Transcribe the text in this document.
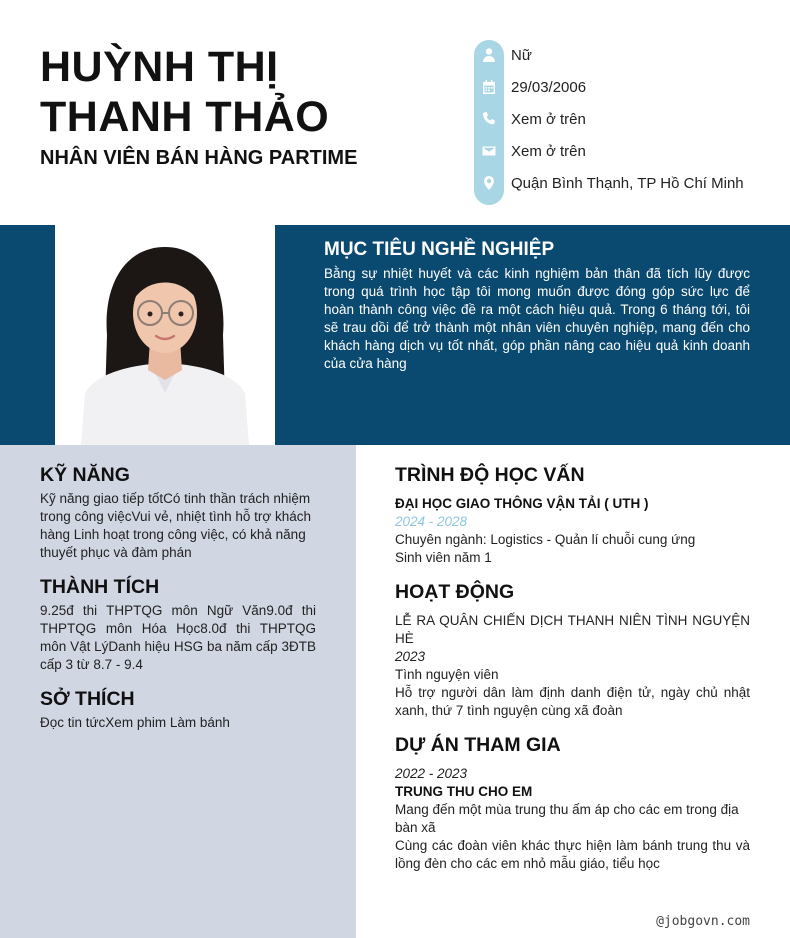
HUỲNH THỊ
THANH THẢO
NHÂN VIÊN BÁN HÀNG PARTIME
Nữ
29/03/2006
Xem ở trên
Xem ở trên
Quận Bình Thạnh, TP Hồ Chí Minh
MỤC TIÊU NGHỀ NGHIỆP
Bằng sự nhiệt huyết và các kinh nghiệm bản thân đã tích lũy được trong quá trình học tập tôi mong muốn được đóng góp sức lực để hoàn thành công việc đề ra một cách hiệu quả. Trong 6 tháng tới, tôi sẽ trau dồi để trở thành một nhân viên chuyên nghiệp, mang đến cho khách hàng dịch vụ tốt nhất, góp phần nâng cao hiệu quả kinh doanh của cửa hàng
KỸ NĂNG
Kỹ năng giao tiếp tốtCó tinh thần trách nhiệm trong công việcVui vẻ, nhiệt tình hỗ trợ khách hàng Linh hoạt trong công việc, có khả năng thuyết phục và đàm phán
THÀNH TÍCH
9.25đ thi THPTQG môn Ngữ Văn9.0đ thi THPTQG môn Hóa Học8.0đ thi THPTQG môn Vật LýDanh hiệu HSG ba năm cấp 3ĐTB cấp 3 từ 8.7 - 9.4
SỞ THÍCH
Đọc tin tứcXem phim Làm bánh
TRÌNH ĐỘ HỌC VẤN
ĐẠI HỌC GIAO THÔNG VẬN TẢI ( UTH )
2024 - 2028
Chuyên ngành: Logistics - Quản lí chuỗi cung ứng
Sinh viên năm 1
HOẠT ĐỘNG
LỄ RA QUÂN CHIẾN DỊCH THANH NIÊN TÌNH NGUYỆN HÈ
2023
Tình nguyện viên
Hỗ trợ người dân làm định danh điện tử, ngày chủ nhật xanh, thứ 7 tình nguyện cùng xã đoàn
DỰ ÁN THAM GIA
2022 - 2023
TRUNG THU CHO EM
Mang đến một mùa trung thu ấm áp cho các em trong địa bàn xã
Cùng các đoàn viên khác thực hiện làm bánh trung thu và lồng đèn cho các em nhỏ mẫu giáo, tiểu học
@jobgovn.com
